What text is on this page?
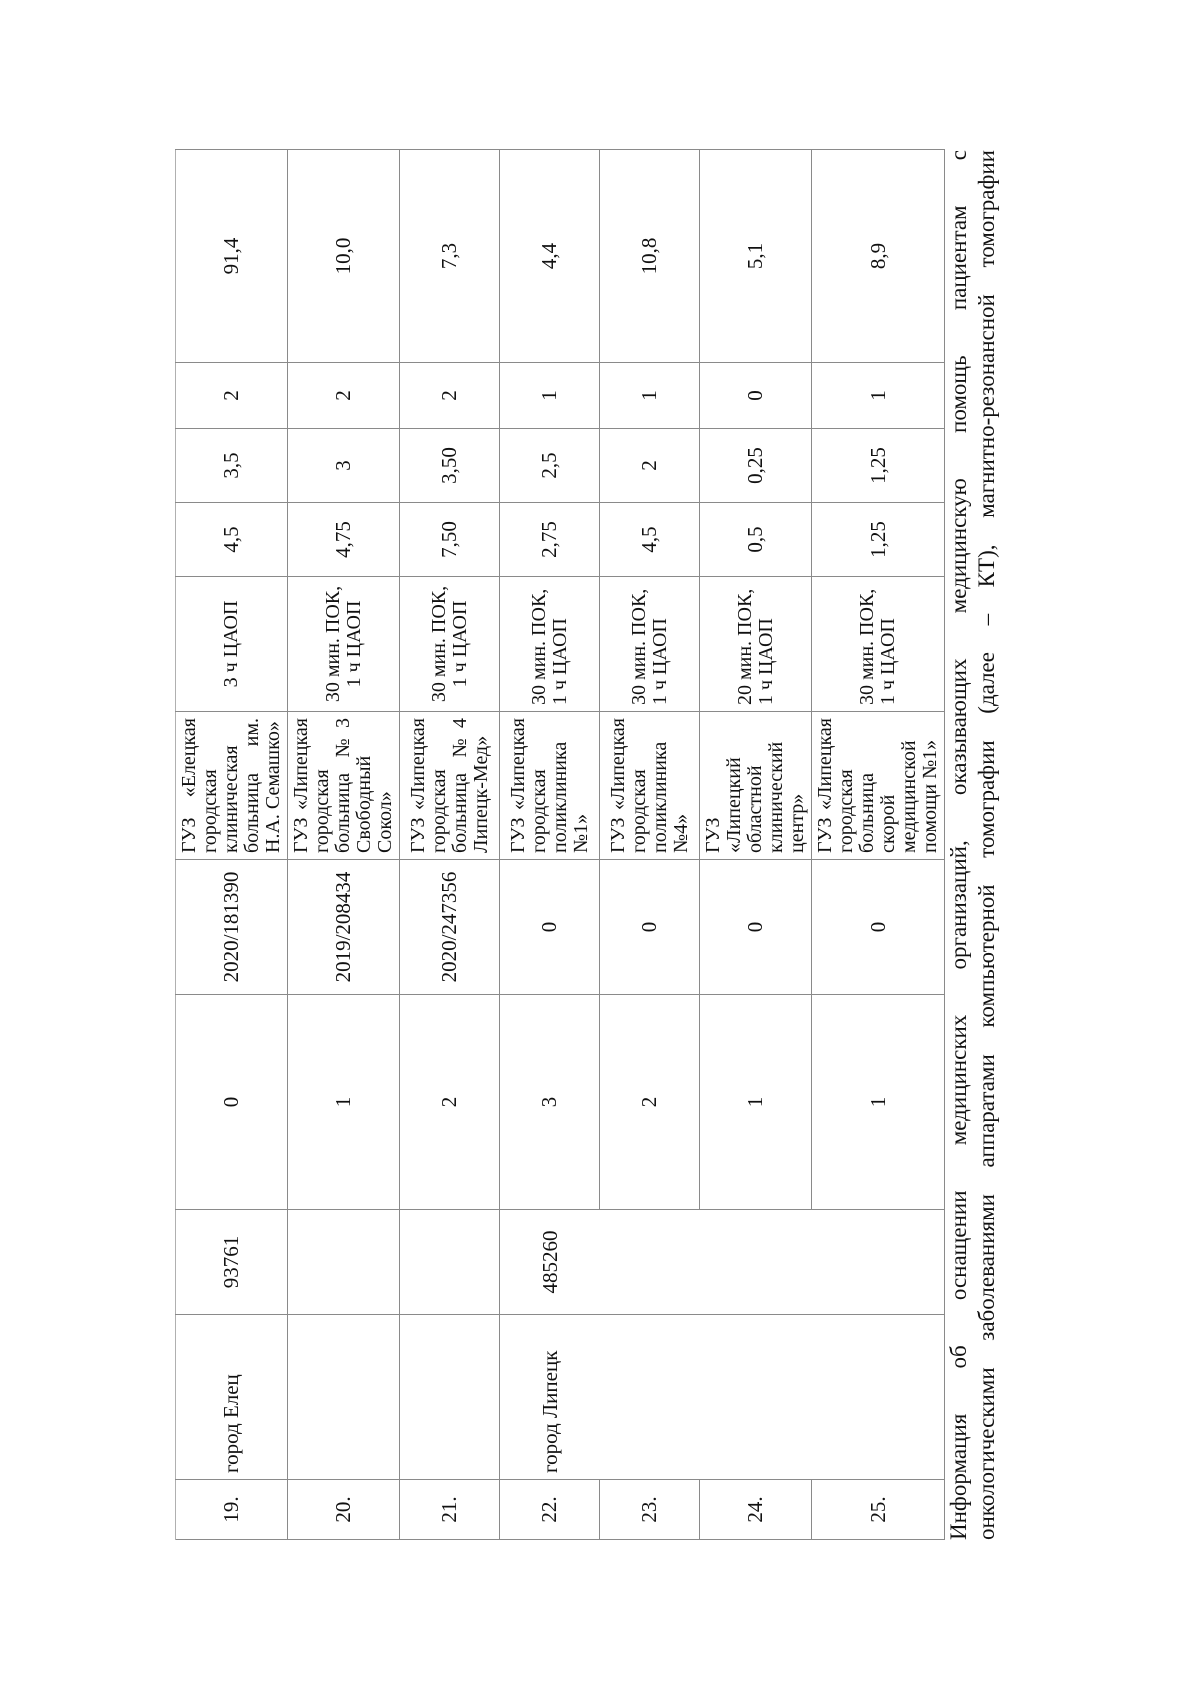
19.	город Елец	93761	0	2020/181390	ГУЗ «Елецкая городская клиническая больница им. Н.А. Семашко»	3 ч ЦАОП	4,5	3,5	2	91,4
20.			1	2019/208434	ГУЗ «Липецкая городская больница №3 Свободный Сокол»	30 мин. ПОК, 1 ч ЦАОП	4,75	3	2	10,0
21.			2	2020/247356	ГУЗ «Липецкая городская больница №4 Липецк-Мед»	30 мин. ПОК, 1 ч ЦАОП	7,50	3,50	2	7,3
22.	город Липецк	485260	3	0	ГУЗ «Липецкая городская поликлиника №1»	30 мин. ПОК, 1 ч ЦАОП	2,75	2,5	1	4,4
23.			2	0	ГУЗ «Липецкая городская поликлиника №4»	30 мин. ПОК, 1 ч ЦАОП	4,5	2	1	10,8
24.			1	0	ГУЗ «Липецкий областной клинический центр»	20 мин. ПОК, 1 ч ЦАОП	0,5	0,25	0	5,1
25.			1	0	ГУЗ «Липецкая городская больница скорой медицинской помощи №1»	30 мин. ПОК, 1 ч ЦАОП	1,25	1,25	1	8,9 Информация об оснащении медицинских организаций, оказывающих медицинскую помощь пациентам с онкологическими заболеваниями аппаратами компьютерной томографии (далее – КТ), магнитно-резонансной томографии
